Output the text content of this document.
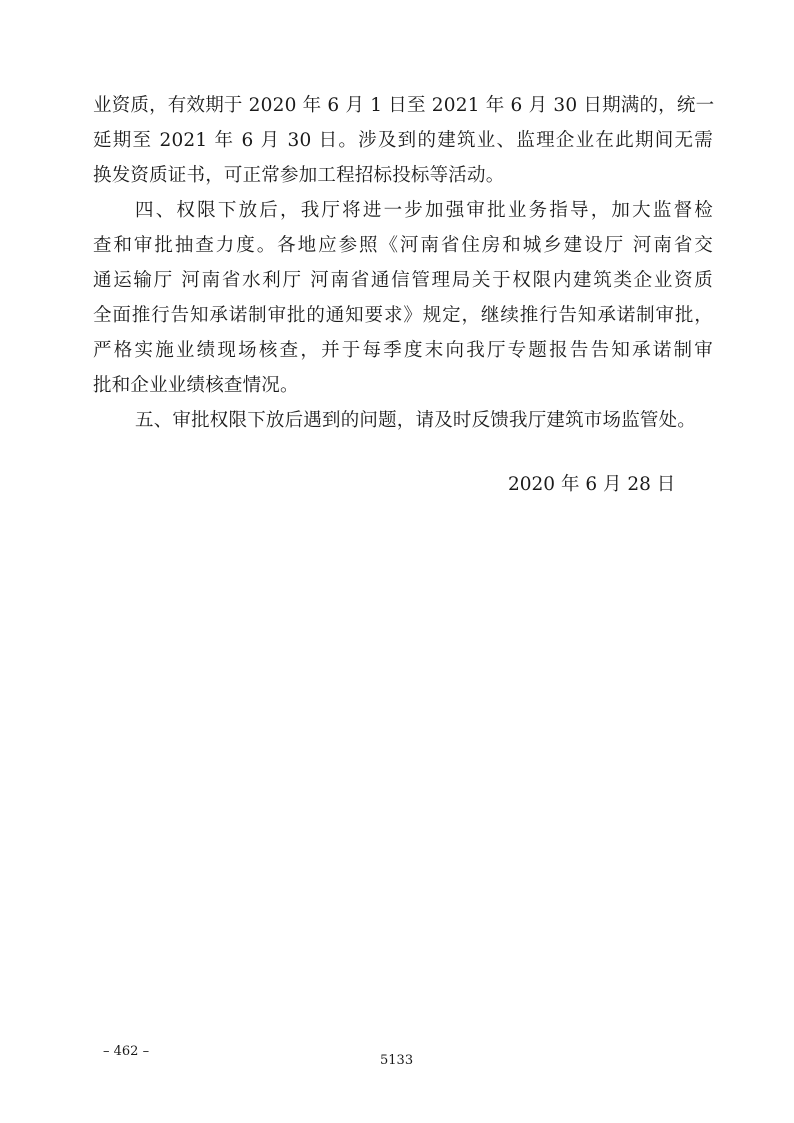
业资质，有效期于 2020 年 6 月 1 日至 2021 年 6 月 30 日期满的，统一
延期至 2021 年 6 月 30 日。涉及到的建筑业、监理企业在此期间无需
换发资质证书，可正常参加工程招标投标等活动。
四、权限下放后，我厅将进一步加强审批业务指导，加大监督检
查和审批抽查力度。各地应参照《河南省住房和城乡建设厅 河南省交
通运输厅 河南省水利厅 河南省通信管理局关于权限内建筑类企业资质
全面推行告知承诺制审批的通知要求》规定，继续推行告知承诺制审批，
严格实施业绩现场核查，并于每季度末向我厅专题报告告知承诺制审
批和企业业绩核查情况。
五、审批权限下放后遇到的问题，请及时反馈我厅建筑市场监管处。
2020 年 6 月 28 日
– 462 –
5133
